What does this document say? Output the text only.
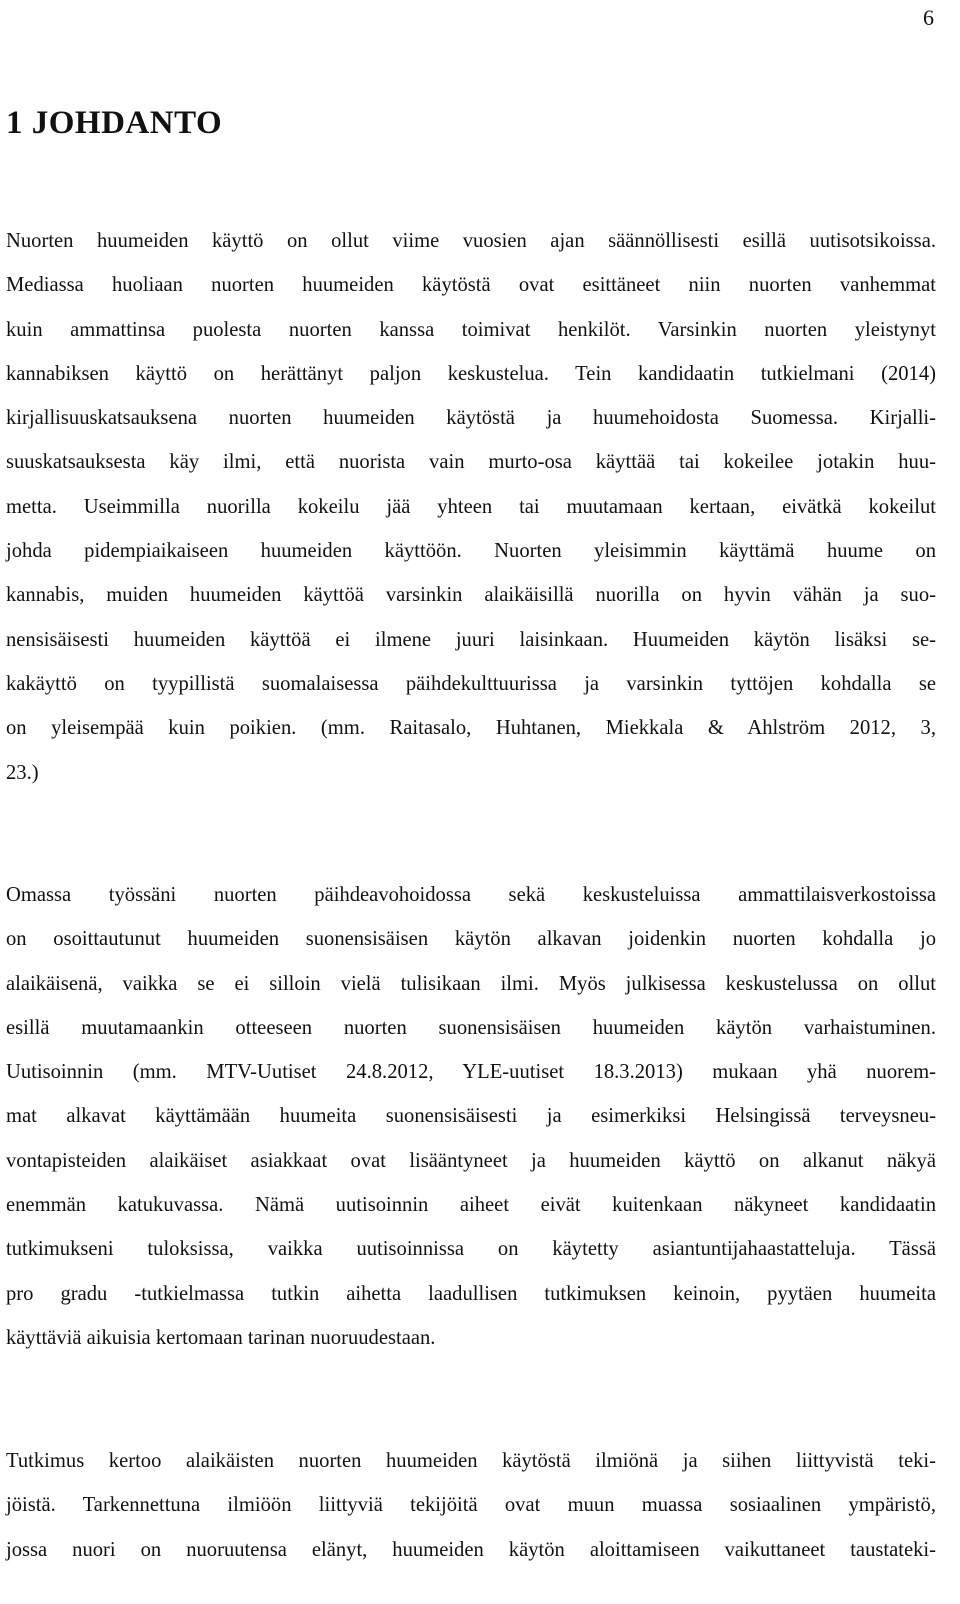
6
1 JOHDANTO
Nuorten huumeiden käyttö on ollut viime vuosien ajan säännöllisesti esillä uutisotsikoissa.
Mediassa huoliaan nuorten huumeiden käytöstä ovat esittäneet niin nuorten vanhemmat
kuin ammattinsa puolesta nuorten kanssa toimivat henkilöt. Varsinkin nuorten yleistynyt
kannabiksen käyttö on herättänyt paljon keskustelua. Tein kandidaatin tutkielmani (2014)
kirjallisuuskatsauksena nuorten huumeiden käytöstä ja huumehoidosta Suomessa. Kirjalli-
suuskatsauksesta käy ilmi, että nuorista vain murto-osa käyttää tai kokeilee jotakin huu-
metta. Useimmilla nuorilla kokeilu jää yhteen tai muutamaan kertaan, eivätkä kokeilut
johda pidempiaikaiseen huumeiden käyttöön. Nuorten yleisimmin käyttämä huume on
kannabis, muiden huumeiden käyttöä varsinkin alaikäisillä nuorilla on hyvin vähän ja suo-
nensisäisesti huumeiden käyttöä ei ilmene juuri laisinkaan. Huumeiden käytön lisäksi se-
kakäyttö on tyypillistä suomalaisessa päihdekulttuurissa ja varsinkin tyttöjen kohdalla se
on yleisempää kuin poikien. (mm. Raitasalo, Huhtanen, Miekkala & Ahlström 2012, 3,
23.)
Omassa työssäni nuorten päihdeavohoidossa sekä keskusteluissa ammattilaisverkostoissa
on osoittautunut huumeiden suonensisäisen käytön alkavan joidenkin nuorten kohdalla jo
alaikäisenä, vaikka se ei silloin vielä tulisikaan ilmi. Myös julkisessa keskustelussa on ollut
esillä muutamaankin otteeseen nuorten suonensisäisen huumeiden käytön varhaistuminen.
Uutisoinnin (mm. MTV-Uutiset 24.8.2012, YLE-uutiset 18.3.2013) mukaan yhä nuorem-
mat alkavat käyttämään huumeita suonensisäisesti ja esimerkiksi Helsingissä terveysneu-
vontapisteiden alaikäiset asiakkaat ovat lisääntyneet ja huumeiden käyttö on alkanut näkyä
enemmän katukuvassa. Nämä uutisoinnin aiheet eivät kuitenkaan näkyneet kandidaatin
tutkimukseni tuloksissa, vaikka uutisoinnissa on käytetty asiantuntijahaastatteluja. Tässä
pro gradu -tutkielmassa tutkin aihetta laadullisen tutkimuksen keinoin, pyytäen huumeita
käyttäviä aikuisia kertomaan tarinan nuoruudestaan.
Tutkimus kertoo alaikäisten nuorten huumeiden käytöstä ilmiönä ja siihen liittyvistä teki-
jöistä. Tarkennettuna ilmiöön liittyviä tekijöitä ovat muun muassa sosiaalinen ympäristö,
jossa nuori on nuoruutensa elänyt, huumeiden käytön aloittamiseen vaikuttaneet taustateki-
